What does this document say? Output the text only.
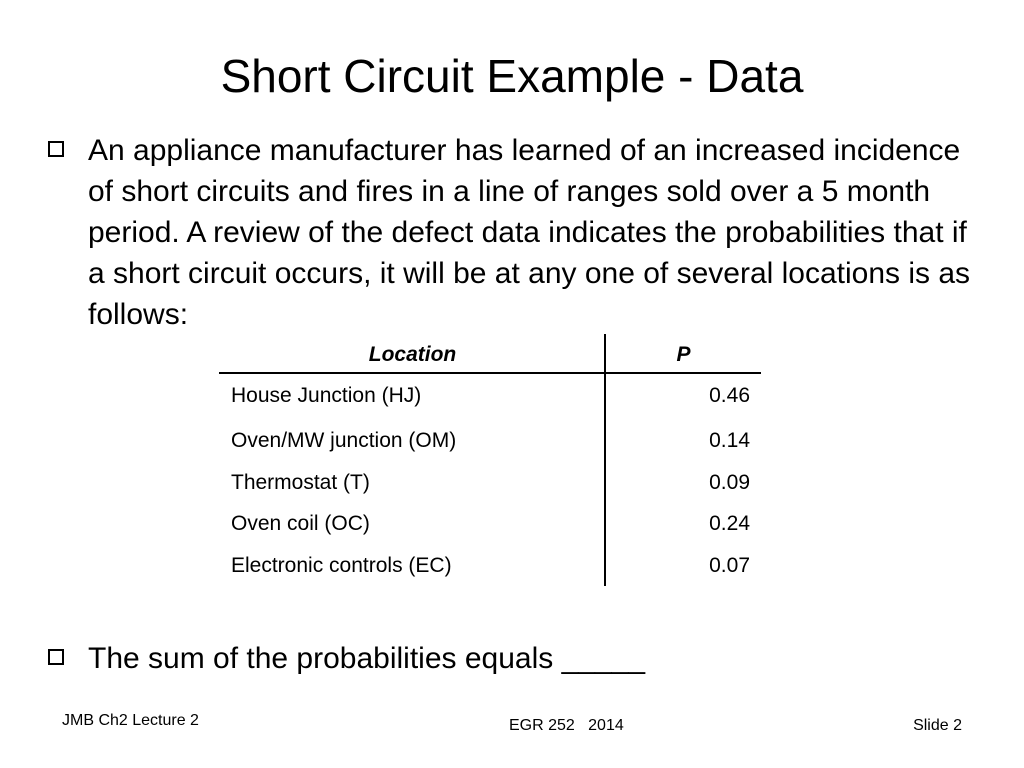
Short Circuit Example - Data
An appliance manufacturer has learned of an increased incidence of short circuits and fires in a line of ranges sold over a 5 month period. A review of the defect data indicates the probabilities that if a short circuit occurs, it will be at any one of several locations is as follows:
Location	P
House Junction (HJ)	0.46
Oven/MW junction (OM)	0.14
Thermostat (T)	0.09
Oven coil (OC)	0.24
Electronic controls (EC)	0.07
The sum of the probabilities equals _____
JMB Ch2 Lecture 2	EGR 252   2014	Slide 2
